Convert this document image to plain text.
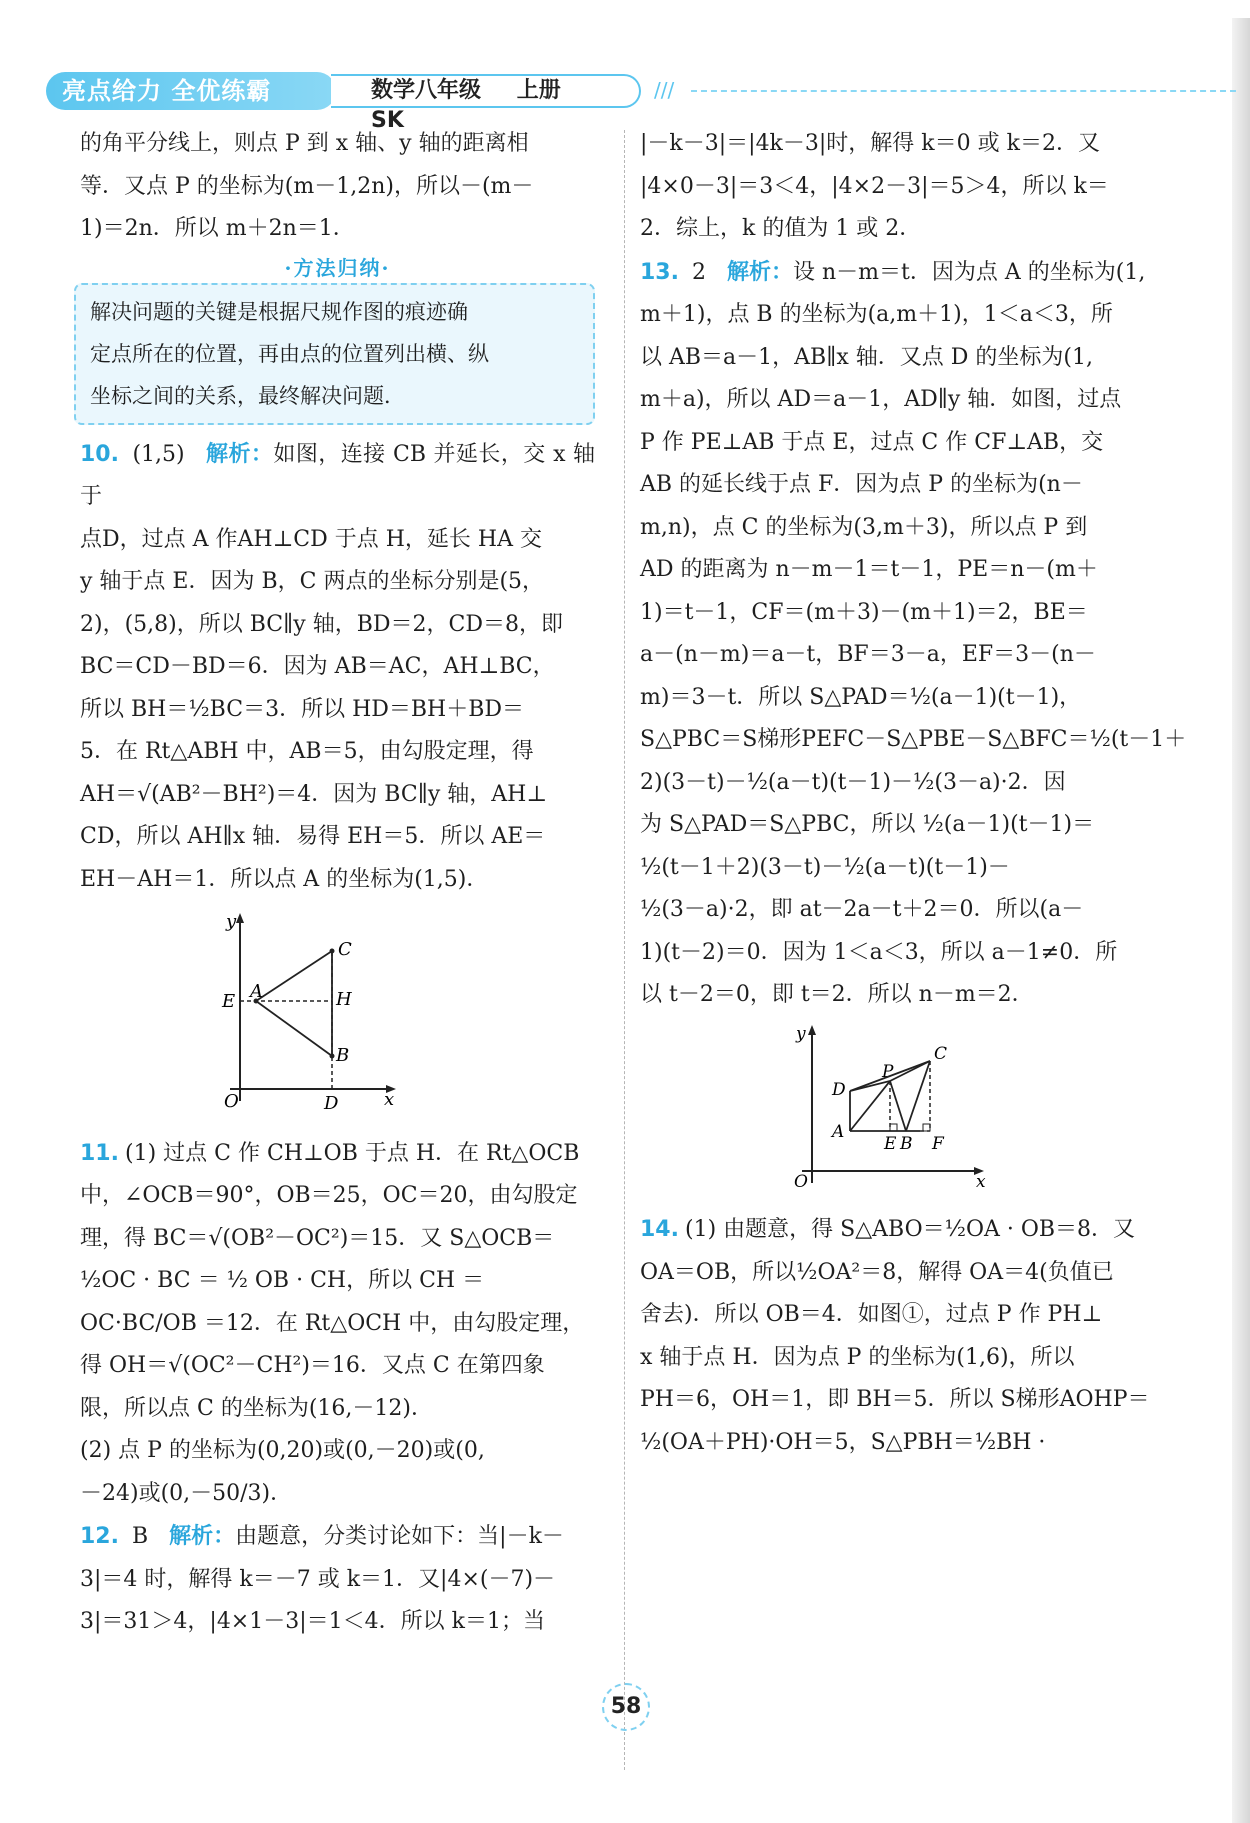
亮点给力 全优练霸	数学八年级 上册 SK
///

的角平分线上，则点 P 到 x 轴、y 轴的距离相

等．又点 P 的坐标为(m－1,2n)，所以－(m－

1)＝2n．所以 m＋2n＝1．

·方法归纳·

解决问题的关键是根据尺规作图的痕迹确

定点所在的位置，再由点的位置列出横、纵

坐标之间的关系，最终解决问题．

10. (1,5) 解析：如图，连接 CB 并延长，交 x 轴于

点D，过点 A 作AH⊥CD 于点 H，延长 HA 交

y 轴于点 E．因为 B，C 两点的坐标分别是(5，

2)，(5,8)，所以 BC∥y 轴，BD＝2，CD＝8，即

BC＝CD－BD＝6．因为 AB＝AC，AH⊥BC，

所以 BH＝½BC＝3．所以 HD＝BH＋BD＝

5．在 Rt△ABH 中，AB＝5，由勾股定理，得

AH＝√(AB²－BH²)＝4．因为 BC∥y 轴，AH⊥

CD，所以 AH∥x 轴．易得 EH＝5．所以 AE＝

EH－AH＝1．所以点 A 的坐标为(1,5)．

y
x
O
C
E A	H
B
D

11. (1) 过点 C 作 CH⊥OB 于点 H．在 Rt△OCB

中，∠OCB＝90°，OB＝25，OC＝20，由勾股定

理，得 BC＝√(OB²－OC²)＝15．又 S△OCB＝

½OC · BC ＝ ½ OB · CH，所以 CH ＝

OC·BC/OB ＝12．在 Rt△OCH 中，由勾股定理，

得 OH＝√(OC²－CH²)＝16．又点 C 在第四象

限，所以点 C 的坐标为(16,－12)．

(2) 点 P 的坐标为(0,20)或(0,－20)或(0,

－24)或(0,－50/3)．

12. B 解析：由题意，分类讨论如下：当|－k－

3|＝4 时，解得 k＝－7 或 k＝1．又|4×(－7)－

3|＝31＞4，|4×1－3|＝1＜4．所以 k＝1；当

|－k－3|＝|4k－3|时，解得 k＝0 或 k＝2．又

|4×0－3|＝3＜4，|4×2－3|＝5＞4，所以 k＝

2．综上，k 的值为 1 或 2．

13. 2 解析：设 n－m＝t．因为点 A 的坐标为(1,

m＋1)，点 B 的坐标为(a,m＋1)，1＜a＜3，所

以 AB＝a－1，AB∥x 轴．又点 D 的坐标为(1,

m＋a)，所以 AD＝a－1，AD∥y 轴．如图，过点

P 作 PE⊥AB 于点 E，过点 C 作 CF⊥AB，交

AB 的延长线于点 F．因为点 P 的坐标为(n－

m,n)，点 C 的坐标为(3,m＋3)，所以点 P 到

AD 的距离为 n－m－1＝t－1，PE＝n－(m＋

1)＝t－1，CF＝(m＋3)－(m＋1)＝2，BE＝

a－(n－m)＝a－t，BF＝3－a，EF＝3－(n－

m)＝3－t．所以 S△PAD＝½(a－1)(t－1)，

S△PBC＝S梯形PEFC－S△PBE－S△BFC＝½(t－1＋

2)(3－t)－½(a－t)(t－1)－½(3－a)·2．因

为 S△PAD＝S△PBC，所以 ½(a－1)(t－1)＝

½(t－1＋2)(3－t)－½(a－t)(t－1)－

½(3－a)·2，即 at－2a－t＋2＝0．所以(a－

1)(t－2)＝0．因为 1＜a＜3，所以 a－1≠0．所

以 t－2＝0，即 t＝2．所以 n－m＝2．

y
x
O
D
P
C
A
E B F

14. (1) 由题意，得 S△ABO＝½OA · OB＝8．又

OA＝OB，所以½OA²＝8，解得 OA＝4(负值已

舍去)．所以 OB＝4．如图①，过点 P 作 PH⊥

x 轴于点 H．因为点 P 的坐标为(1,6)，所以

PH＝6，OH＝1，即 BH＝5．所以 S梯形AOHP＝

½(OA＋PH)·OH＝5，S△PBH＝½BH ·

58
